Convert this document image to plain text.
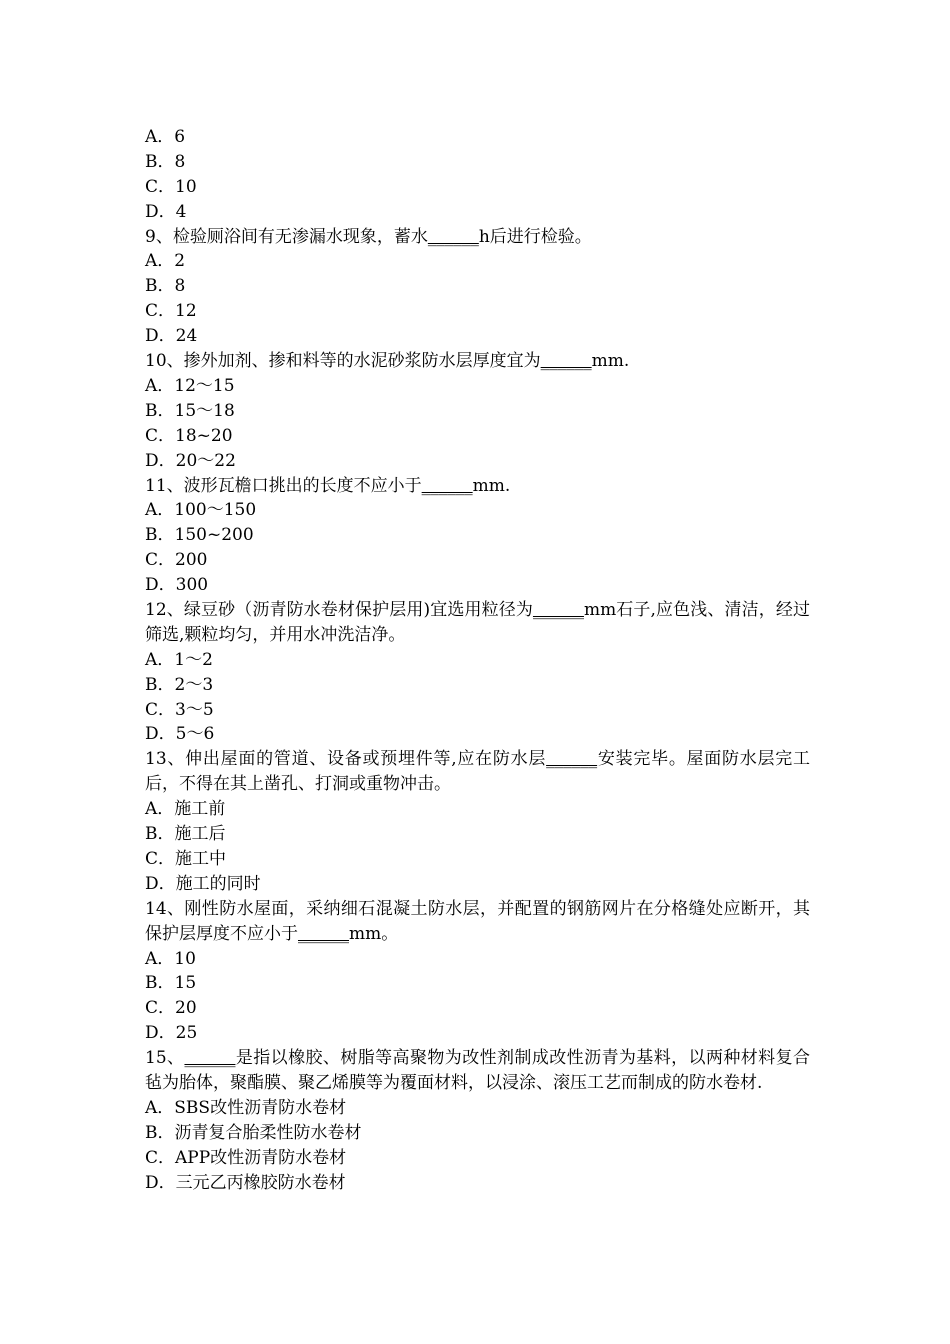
A．6
B．8
C．10
D．4
9、检验厕浴间有无渗漏水现象，蓄水______h后进行检验。
A．2
B．8
C．12
D．24
10、掺外加剂、掺和料等的水泥砂浆防水层厚度宜为______mm.
A．12～15
B．15～18
C．18~20
D．20～22
11、波形瓦檐口挑出的长度不应小于______mm.
A．100～150
B．150~200
C．200
D．300
12、绿豆砂（沥青防水卷材保护层用)宜选用粒径为______mm石子,应色浅、清洁，经过筛选,颗粒均匀，并用水冲洗洁净。
A．1～2
B．2～3
C．3～5
D．5～6
13、伸出屋面的管道、设备或预埋件等,应在防水层______安装完毕。屋面防水层完工后，不得在其上凿孔、打洞或重物冲击。
A．施工前
B．施工后
C．施工中
D．施工的同时
14、刚性防水屋面，采纳细石混凝土防水层，并配置的钢筋网片在分格缝处应断开，其保护层厚度不应小于______mm。
A．10
B．15
C．20
D．25
15、______是指以橡胶、树脂等高聚物为改性剂制成改性沥青为基料，以两种材料复合毡为胎体，聚酯膜、聚乙烯膜等为覆面材料，以浸涂、滚压工艺而制成的防水卷材.
A．SBS改性沥青防水卷材
B．沥青复合胎柔性防水卷材
C．APP改性沥青防水卷材
D．三元乙丙橡胶防水卷材
